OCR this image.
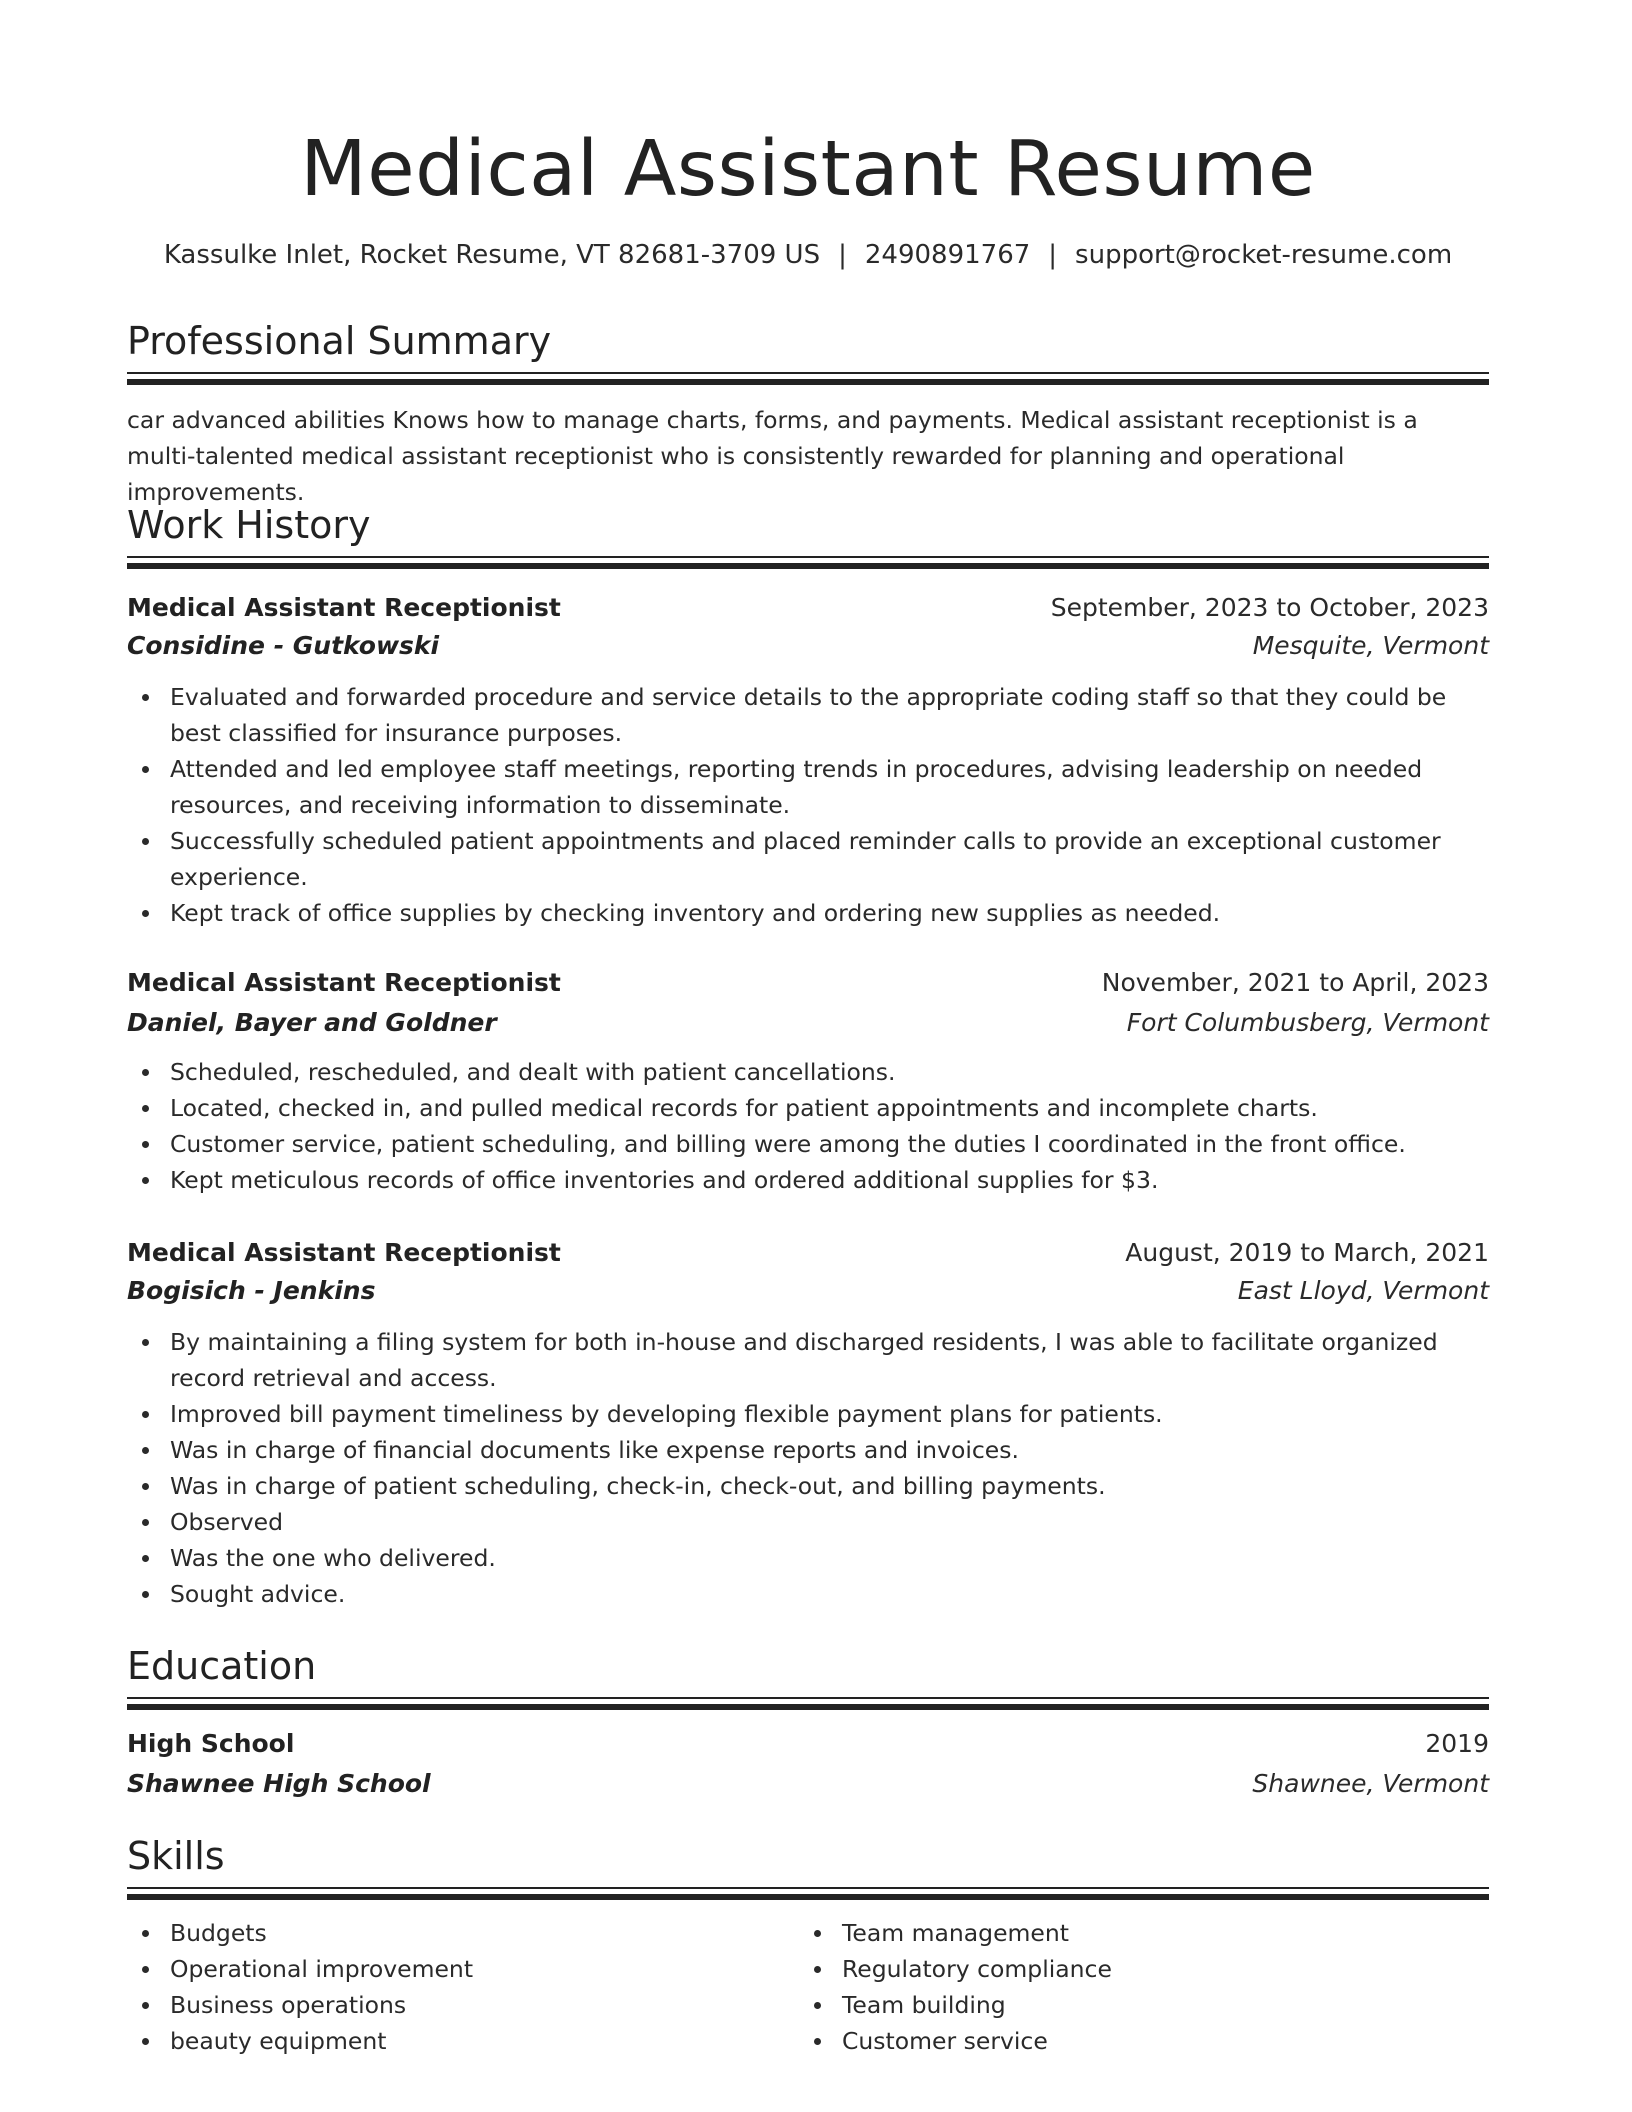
Medical Assistant Resume
Kassulke Inlet, Rocket Resume, VT 82681-3709 US | 2490891767 | support@rocket-resume.com
Professional Summary

car advanced abilities Knows how to manage charts, forms, and payments. Medical assistant receptionist is a multi-talented medical assistant receptionist who is consistently rewarded for planning and operational improvements.

Work History
Medical Assistant Receptionist	September, 2023 to October, 2023
Considine - Gutkowski	Mesquite, Vermont
Evaluated and forwarded procedure and service details to the appropriate coding staff so that they could be best classified for insurance purposes.
Attended and led employee staff meetings, reporting trends in procedures, advising leadership on needed resources, and receiving information to disseminate.
Successfully scheduled patient appointments and placed reminder calls to provide an exceptional customer experience.
Kept track of office supplies by checking inventory and ordering new supplies as needed.
Medical Assistant Receptionist	November, 2021 to April, 2023
Daniel, Bayer and Goldner	Fort Columbusberg, Vermont
Scheduled, rescheduled, and dealt with patient cancellations.
Located, checked in, and pulled medical records for patient appointments and incomplete charts.
Customer service, patient scheduling, and billing were among the duties I coordinated in the front office.
Kept meticulous records of office inventories and ordered additional supplies for $3.
Medical Assistant Receptionist	August, 2019 to March, 2021
Bogisich - Jenkins	East Lloyd, Vermont
By maintaining a filing system for both in-house and discharged residents, I was able to facilitate organized record retrieval and access.
Improved bill payment timeliness by developing flexible payment plans for patients.
Was in charge of financial documents like expense reports and invoices.
Was in charge of patient scheduling, check-in, check-out, and billing payments.
Observed
Was the one who delivered.
Sought advice.
Education
High School	2019
Shawnee High School	Shawnee, Vermont
Skills
Budgets
Operational improvement
Business operations
beauty equipment
Team management
Regulatory compliance
Team building
Customer service
